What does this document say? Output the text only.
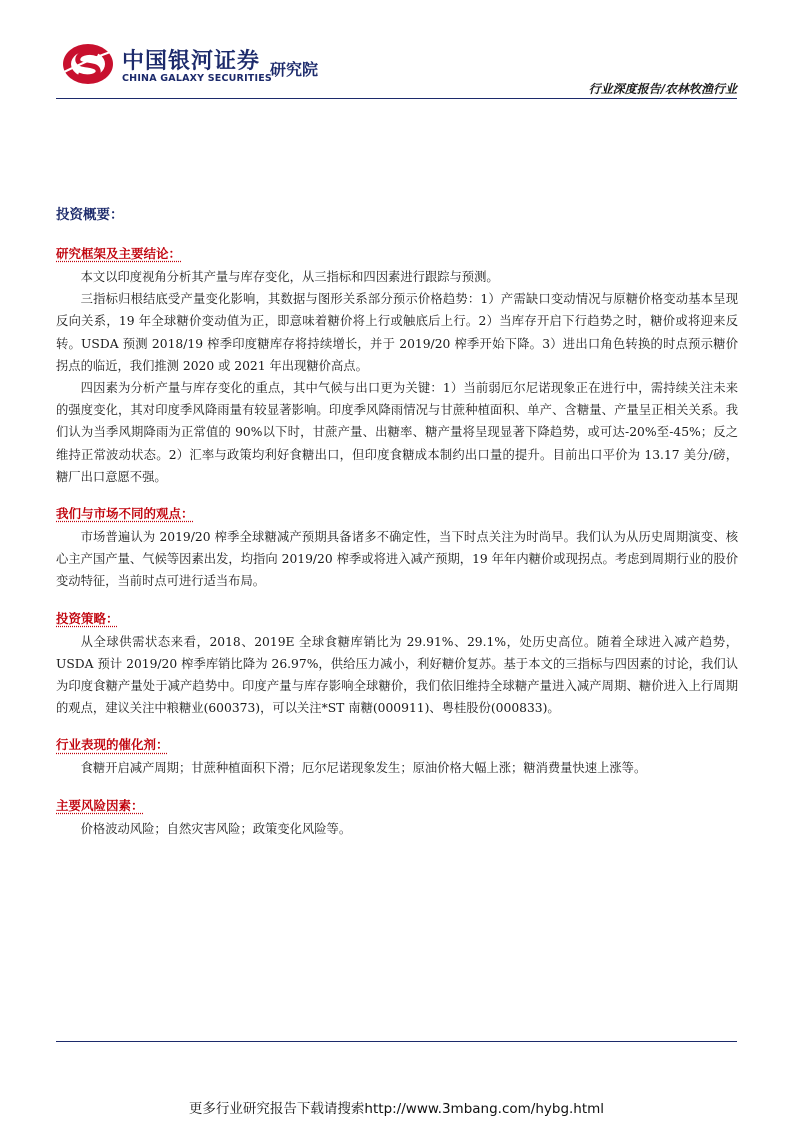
中国银河证券
CHINA GALAXY SECURITIES
研究院
行业深度报告/农林牧渔行业
投资概要：
研究框架及主要结论：

本文以印度视角分析其产量与库存变化，从三指标和四因素进行跟踪与预测。

三指标归根结底受产量变化影响，其数据与图形关系部分预示价格趋势：1）产需缺口变动情况与原糖价格变动基本呈现反向关系，19 年全球糖价变动值为正，即意味着糖价将上行或触底后上行。2）当库存开启下行趋势之时，糖价或将迎来反转。USDA 预测 2018/19 榨季印度糖库存将持续增长，并于 2019/20 榨季开始下降。3）进出口角色转换的时点预示糖价拐点的临近，我们推测 2020 或 2021 年出现糖价高点。

四因素为分析产量与库存变化的重点，其中气候与出口更为关键：1）当前弱厄尔尼诺现象正在进行中，需持续关注未来的强度变化，其对印度季风降雨量有较显著影响。印度季风降雨情况与甘蔗种植面积、单产、含糖量、产量呈正相关关系。我们认为当季风期降雨为正常值的 90%以下时，甘蔗产量、出糖率、糖产量将呈现显著下降趋势，或可达-20%至-45%；反之维持正常波动状态。2）汇率与政策均利好食糖出口，但印度食糖成本制约出口量的提升。目前出口平价为 13.17 美分/磅，糖厂出口意愿不强。

我们与市场不同的观点：

市场普遍认为 2019/20 榨季全球糖减产预期具备诸多不确定性，当下时点关注为时尚早。我们认为从历史周期演变、核心主产国产量、气候等因素出发，均指向 2019/20 榨季或将进入减产预期，19 年年内糖价或现拐点。考虑到周期行业的股价变动特征，当前时点可进行适当布局。

投资策略：

从全球供需状态来看，2018、2019E 全球食糖库销比为 29.91%、29.1%，处历史高位。随着全球进入减产趋势，USDA 预计 2019/20 榨季库销比降为 26.97%，供给压力减小，利好糖价复苏。基于本文的三指标与四因素的讨论，我们认为印度食糖产量处于减产趋势中。印度产量与库存影响全球糖价，我们依旧维持全球糖产量进入减产周期、糖价进入上行周期的观点，建议关注中粮糖业(600373)，可以关注*ST 南糖(000911)、粤桂股份(000833)。

行业表现的催化剂：

食糖开启减产周期；甘蔗种植面积下滑；厄尔尼诺现象发生；原油价格大幅上涨；糖消费量快速上涨等。

主要风险因素：

价格波动风险；自然灾害风险；政策变化风险等。

更多行业研究报告下载请搜索http://www.3mbang.com/hybg.html
